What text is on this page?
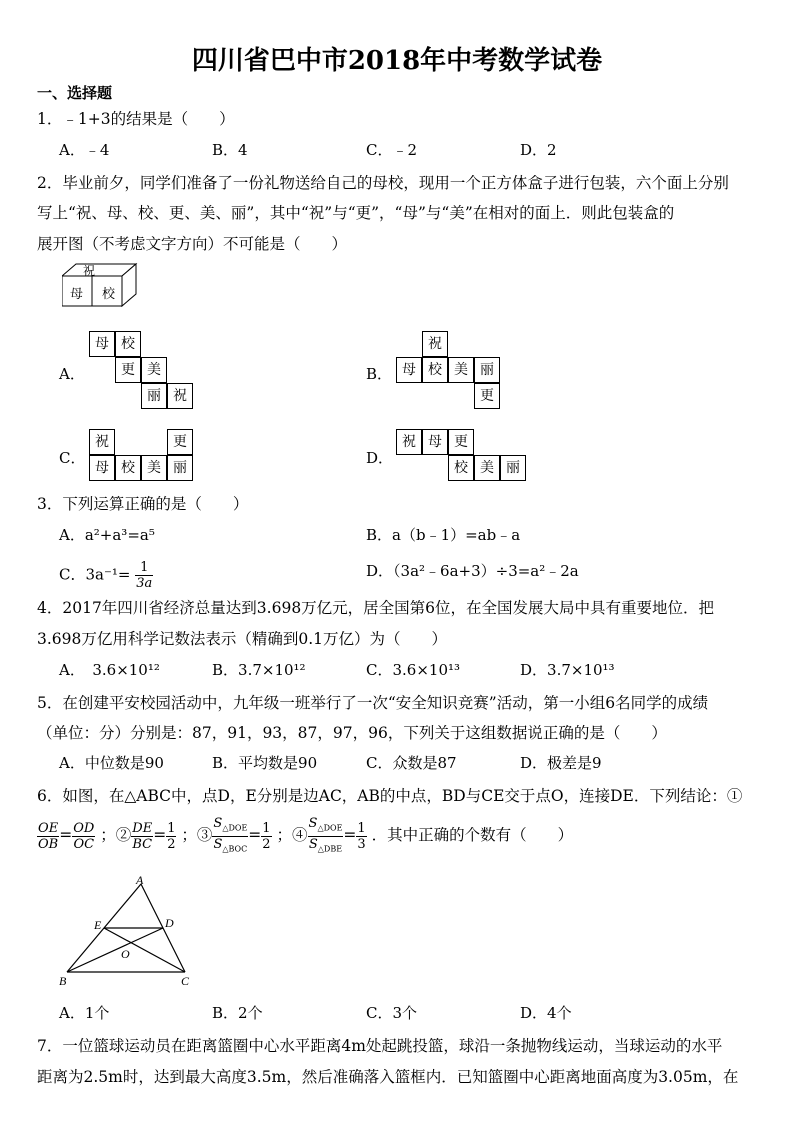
四川省巴中市2018年中考数学试卷
一、选择题
1．﹣1+3的结果是（　　）
A．﹣4	B．4	C．﹣2	D．2
2．毕业前夕，同学们准备了一份礼物送给自己的母校，现用一个正方体盒子进行包装，六个面上分别
写上“祝、母、校、更、美、丽”，其中“祝”与“更”，“母”与“美”在相对的面上．则此包装盒的
展开图（不考虑文字方向）不可能是（　　）
祝
母 校
A．
母 校
更 美
丽 祝
B．
祝
母 校 美 丽
更
C．
祝	更
母 校 美 丽
D．
祝 母 更
校 美 丽
3．下列运算正确的是（　　）
A．a²+a³=a⁵	B．a（b﹣1）=ab﹣a
C．$3a^{-1}= \frac{1}{3a}$	D．（3a²﹣6a+3）÷3=a²﹣2a
4．2017年四川省经济总量达到3.698万亿元，居全国第6位，在全国发展大局中具有重要地位．把
3.698万亿用科学记数法表示（精确到0.1万亿）为（　　）
A．　3.6×10¹²	B．3.7×10¹²	C．3.6×10¹³	D．3.7×10¹³
5．在创建平安校园活动中，九年级一班举行了一次“安全知识竞赛”活动，第一小组6名同学的成绩
（单位：分）分别是：87，91，93，87，97，96，下列关于这组数据说正确的是（　　）
A．中位数是90	B．平均数是90	C．众数是87	D．极差是9
6．如图，在△ABC中，点D，E分别是边AC，AB的中点，BD与CE交于点O，连接DE．下列结论：①
$\frac{OE}{OB} = \frac{OD}{OC}$ ；② $\frac{DE}{BC} = \frac{1}{2}$ ；③ $\frac{S_{\triangle DOE}}{S_{\triangle BOC}} = \frac{1}{2}$ ；④ $\frac{S_{\triangle DOE}}{S_{\triangle DBE}} = \frac{1}{3}$ ．其中正确的个数有（　　）
A
E	D
O
B	C
A．1个	B．2个	C．3个	D．4个
7．一位篮球运动员在距离篮圈中心水平距离4m处起跳投篮，球沿一条抛物线运动，当球运动的水平
距离为2.5m时，达到最大高度3.5m，然后准确落入篮框内．已知篮圈中心距离地面高度为3.05m，在
